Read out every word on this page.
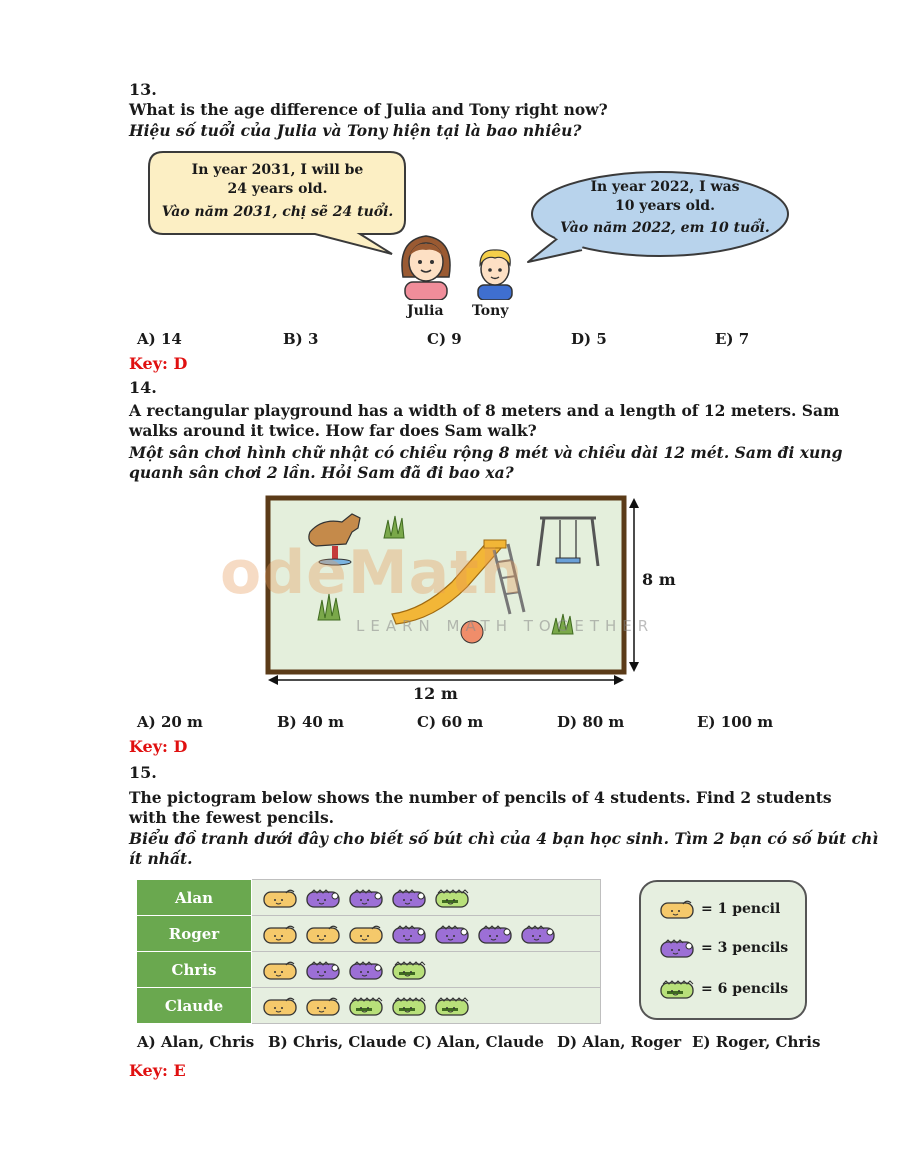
13.
What is the age difference of Julia and Tony right now?
Hiệu số tuổi của Julia và Tony hiện tại là bao nhiêu?
In year 2031, I will be
24 years old.
Vào năm 2031, chị sẽ 24 tuổi.
In year 2022, I was
10 years old.
Vào năm 2022, em 10 tuổi.
Julia Tony
A) 14	B) 3	C) 9	D) 5	E) 7
Key: D
14.
A rectangular playground has a width of 8 meters and a length of 12 meters. Sam
walks around it twice. How far does Sam walk?
Một sân chơi hình chữ nhật có chiều rộng 8 mét và chiều dài 12 mét. Sam đi xung
quanh sân chơi 2 lần. Hỏi Sam đã đi bao xa?
odeMath
LEARN MATH TOGETHER
8 m
12 m
A) 20 m	B) 40 m	C) 60 m	D) 80 m	E) 100 m
Key: D
15.
The pictogram below shows the number of pencils of 4 students. Find 2 students
with the fewest pencils.
Biểu đồ tranh dưới đây cho biết số bút chì của 4 bạn học sinh. Tìm 2 bạn có số bút chì
ít nhất.
Alan	
Roger	
Chris	
Claude	
= 1 pencil
= 3 pencils
= 6 pencils
A) Alan, Chris B) Chris, Claude C) Alan, Claude D) Alan, Roger E) Roger, Chris
Key: E
